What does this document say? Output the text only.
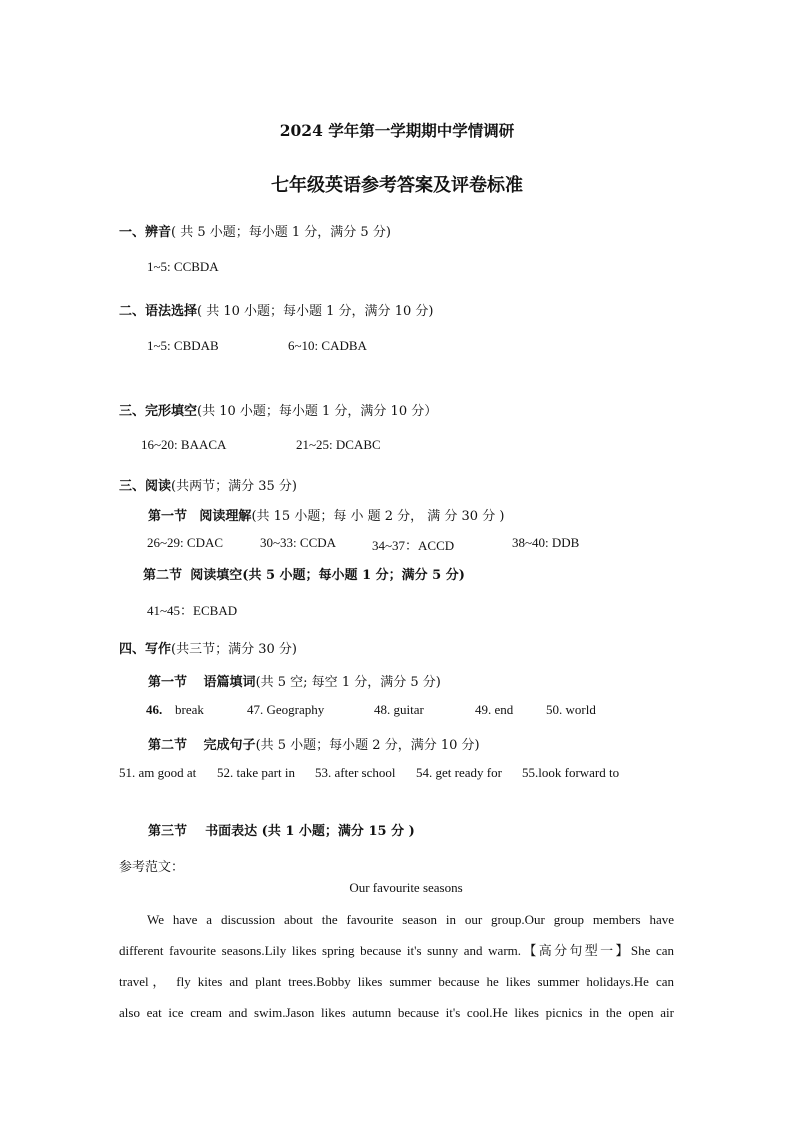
2024 学年第一学期期中学情调研
七年级英语参考答案及评卷标准
一、辨音( 共 5 小题；每小题 1 分，满分 5 分)
1~5: CCBDA
二、语法选择( 共 10 小题；每小题 1 分，满分 10 分)
1~5: CBDAB	6~10: CADBA
三、完形填空(共 10 小题；每小题 1 分，满分 10 分）
16~20: BAACA	21~25: DCABC
三、阅读(共两节；满分 35 分)
第一节 阅读理解(共 15 小题；每 小 题 2 分， 满 分 30 分 )
26~29: CDAC	30~33: CCDA	34~37：ACCD	38~40: DDB
第二节 阅读填空(共 5 小题；每小题 1 分；满分 5 分)
41~45：ECBAD
四、写作(共三节；满分 30 分)
第一节 语篇填词(共 5 空; 每空 1 分，满分 5 分)
46. break	47. Geography	48. guitar	49. end	50. world
第二节 完成句子(共 5 小题；每小题 2 分，满分 10 分)
51. am good at 52. take part in 53. after school 54. get ready for 55.look forward to
第三节 书面表达 (共 1 小题；满分 15 分 )
参考范文：
Our favourite seasons
We have a discussion about the favourite season in our group.Our group members have
different favourite seasons.Lily likes spring because it's sunny and warm.【高分句型一】She can
travel， fly kites and plant trees.Bobby likes summer because he likes summer holidays.He can
also eat ice cream and swim.Jason likes autumn because it's cool.He likes picnics in the open air
